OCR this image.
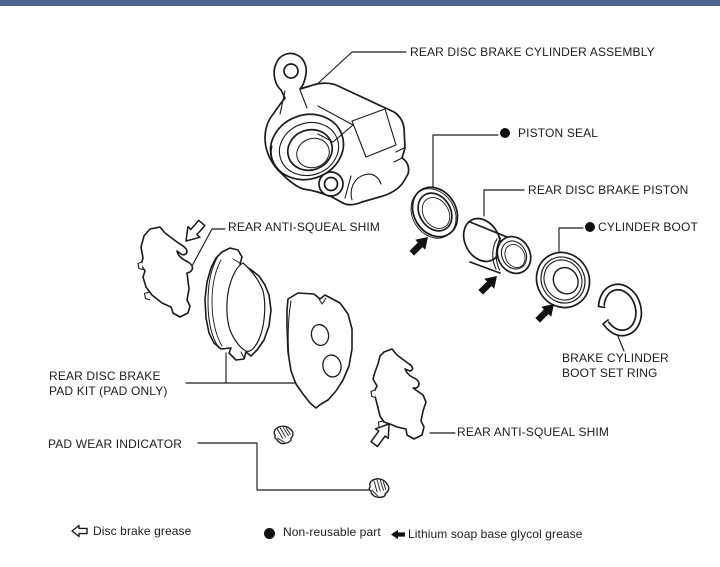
REAR DISC BRAKE CYLINDER ASSEMBLY
PISTON SEAL
REAR DISC BRAKE PISTON
CYLINDER BOOT
BRAKE CYLINDER
BOOT SET RING
REAR ANTI-SQUEAL SHIM
REAR DISC BRAKE
PAD KIT (PAD ONLY)
PAD WEAR INDICATOR
REAR ANTI-SQUEAL SHIM
Disc brake grease	Non-reusable part Lithium soap base glycol grease
